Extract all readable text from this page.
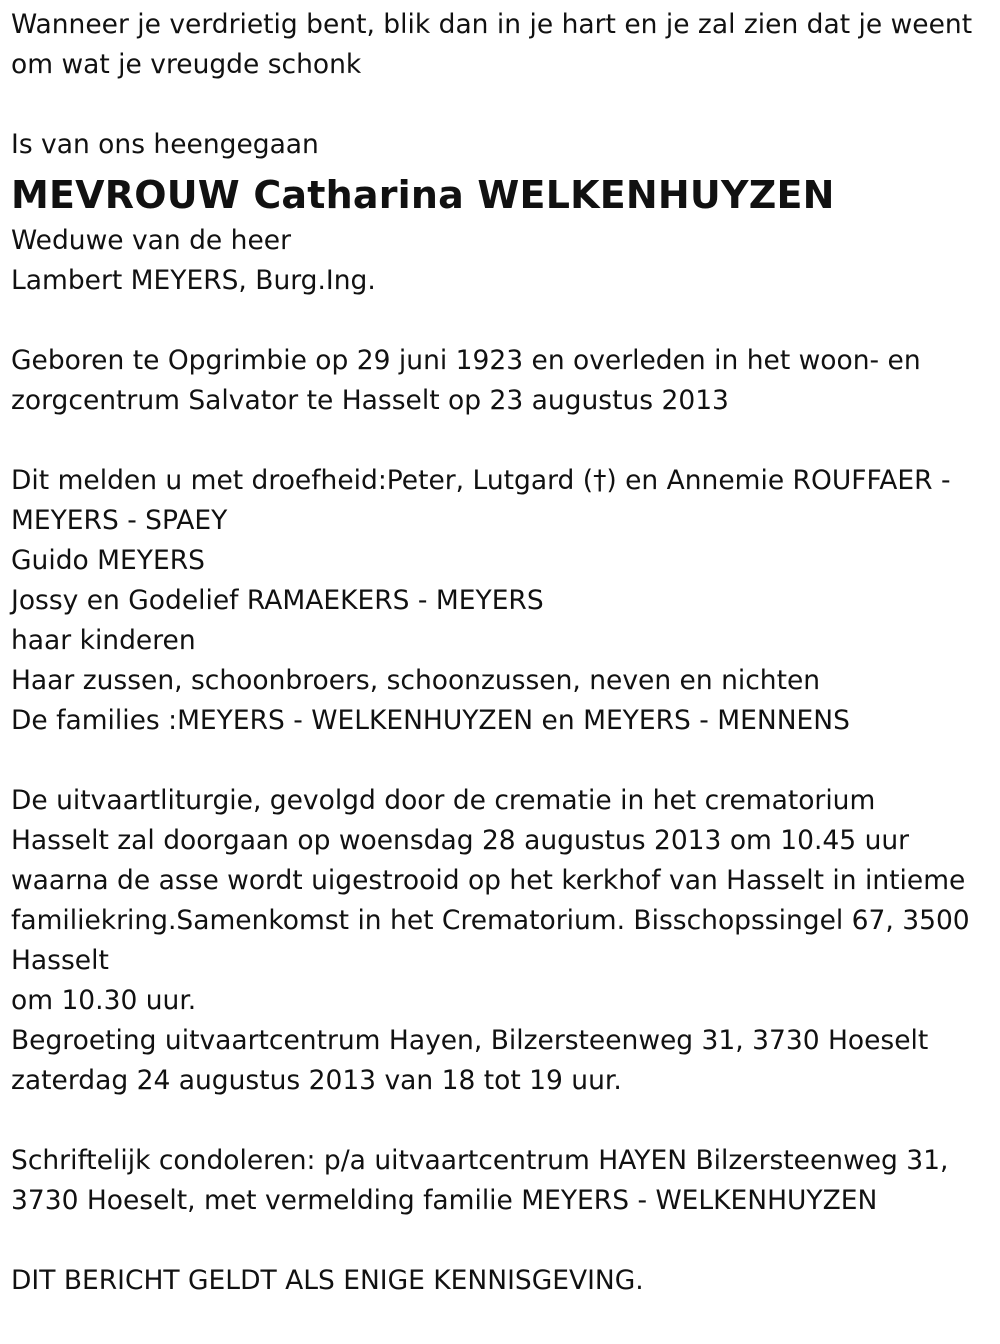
Wanneer je verdrietig bent, blik dan in je hart en je zal zien dat je weent
om wat je vreugde schonk
Is van ons heengegaan
MEVROUW Catharina WELKENHUYZEN
Weduwe van de heer
Lambert MEYERS, Burg.Ing.
Geboren te Opgrimbie op 29 juni 1923 en overleden in het woon- en
zorgcentrum Salvator te Hasselt op 23 augustus 2013
Dit melden u met droefheid:Peter, Lutgard (†) en Annemie ROUFFAER -
MEYERS - SPAEY
Guido MEYERS
Jossy en Godelief RAMAEKERS - MEYERS
haar kinderen
Haar zussen, schoonbroers, schoonzussen, neven en nichten
De families :MEYERS - WELKENHUYZEN en MEYERS - MENNENS
De uitvaartliturgie, gevolgd door de crematie in het crematorium
Hasselt zal doorgaan op woensdag 28 augustus 2013 om 10.45 uur
waarna de asse wordt uigestrooid op het kerkhof van Hasselt in intieme
familiekring.Samenkomst in het Crematorium. Bisschopssingel 67, 3500
Hasselt
om 10.30 uur.
Begroeting uitvaartcentrum Hayen, Bilzersteenweg 31, 3730 Hoeselt
zaterdag 24 augustus 2013 van 18 tot 19 uur.
Schriftelijk condoleren: p/a uitvaartcentrum HAYEN Bilzersteenweg 31,
3730 Hoeselt, met vermelding familie MEYERS - WELKENHUYZEN
DIT BERICHT GELDT ALS ENIGE KENNISGEVING.
